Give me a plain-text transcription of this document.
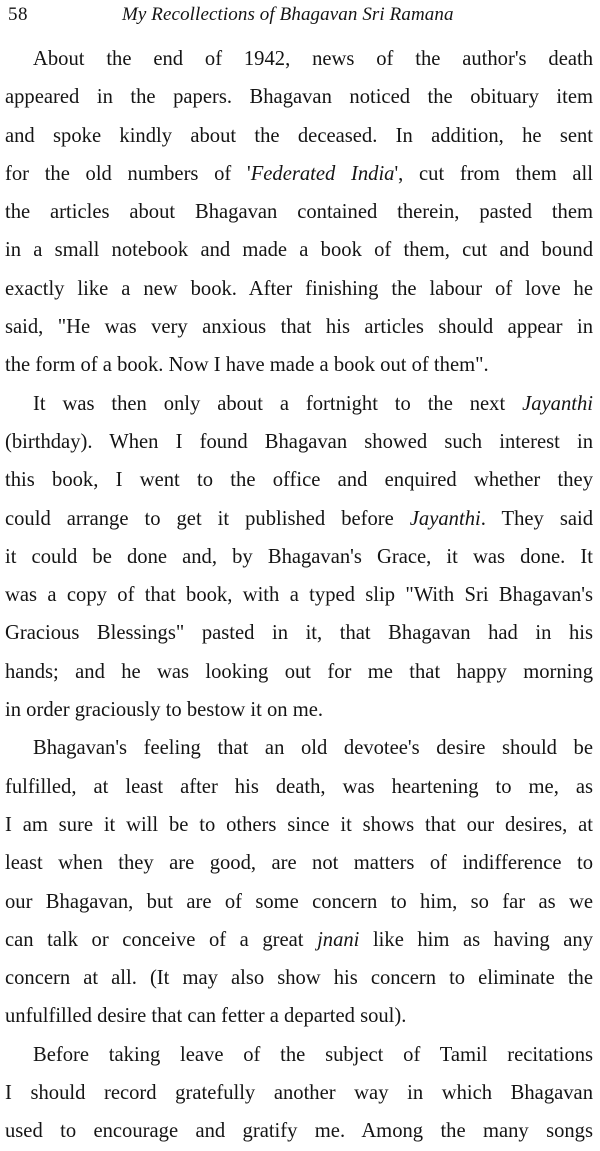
58	My Recollections of Bhagavan Sri Ramana
About the end of 1942, news of the author's death
appeared in the papers. Bhagavan noticed the obituary item
and spoke kindly about the deceased. In addition, he sent
for the old numbers of 'Federated India', cut from them all
the articles about Bhagavan contained therein, pasted them
in a small notebook and made a book of them, cut and bound
exactly like a new book. After finishing the labour of love he
said, "He was very anxious that his articles should appear in
the form of a book. Now I have made a book out of them".
It was then only about a fortnight to the next Jayanthi
(birthday). When I found Bhagavan showed such interest in
this book, I went to the office and enquired whether they
could arrange to get it published before Jayanthi. They said
it could be done and, by Bhagavan's Grace, it was done. It
was a copy of that book, with a typed slip "With Sri Bhagavan's
Gracious Blessings" pasted in it, that Bhagavan had in his
hands; and he was looking out for me that happy morning
in order graciously to bestow it on me.
Bhagavan's feeling that an old devotee's desire should be
fulfilled, at least after his death, was heartening to me, as
I am sure it will be to others since it shows that our desires, at
least when they are good, are not matters of indifference to
our Bhagavan, but are of some concern to him, so far as we
can talk or conceive of a great jnani like him as having any
concern at all. (It may also show his concern to eliminate the
unfulfilled desire that can fetter a departed soul).
Before taking leave of the subject of Tamil recitations
I should record gratefully another way in which Bhagavan
used to encourage and gratify me. Among the many songs
